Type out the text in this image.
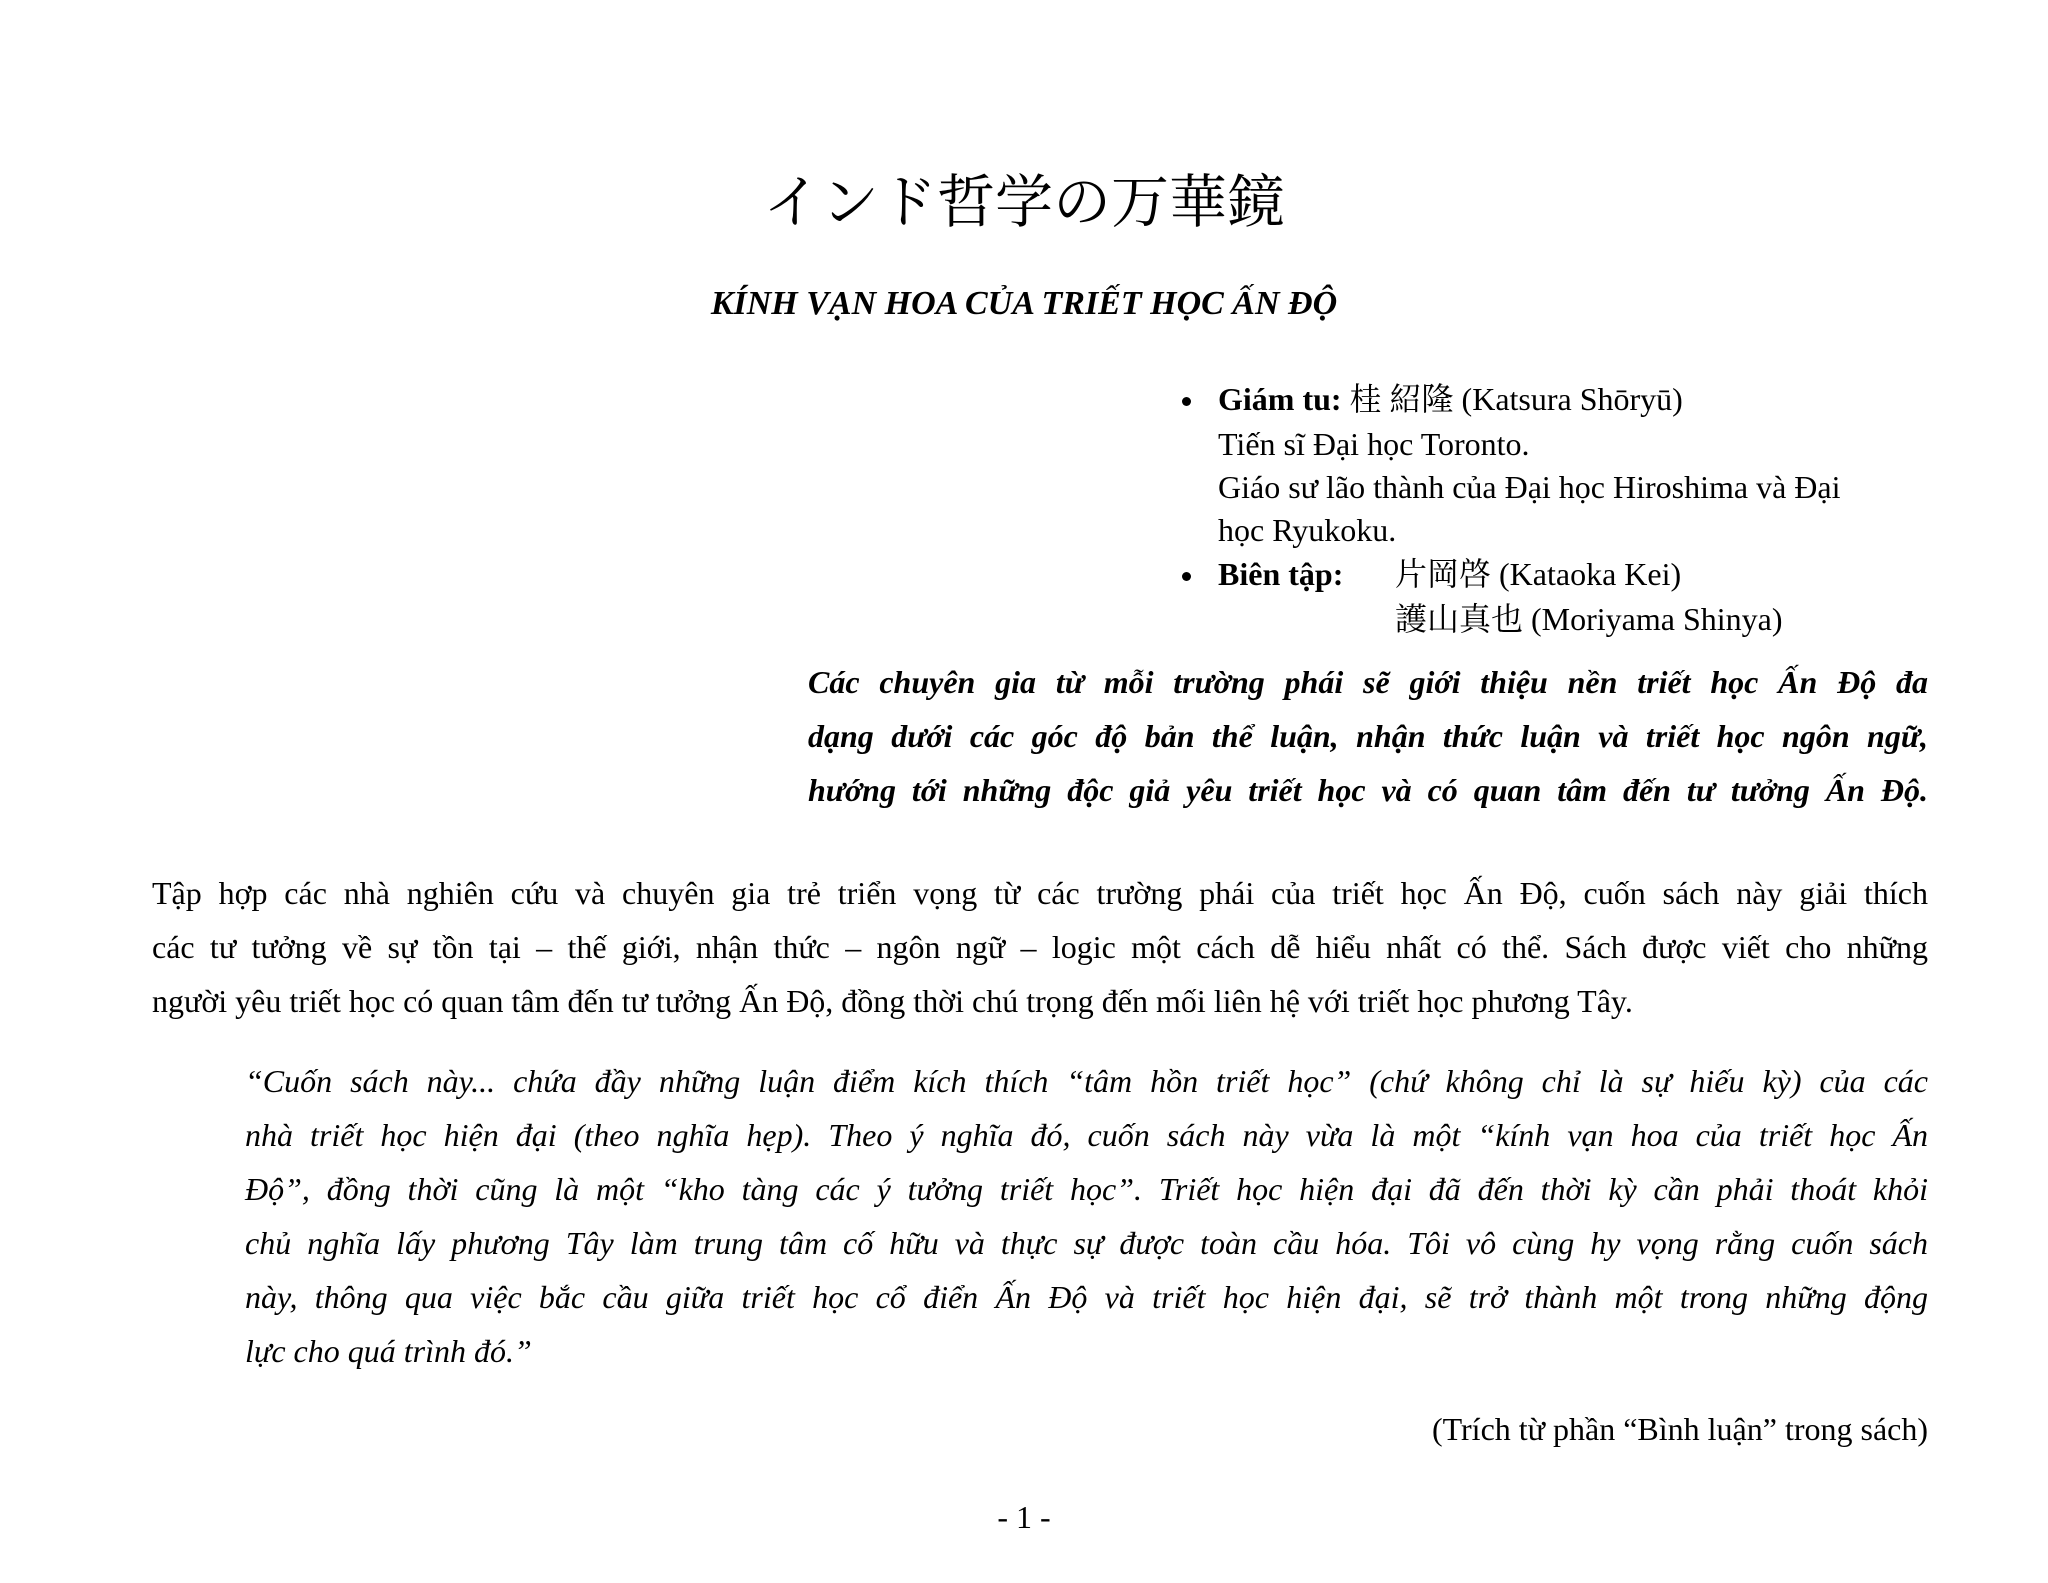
インド哲学の万華鏡
KÍNH VẠN HOA CỦA TRIẾT HỌC ẤN ĐỘ
Giám tu: 桂 紹隆 (Katsura Shōryū)
Tiến sĩ Đại học Toronto.
Giáo sư lão thành của Đại học Hiroshima và Đại
học Ryukoku.
Biên tập: 片岡啓 (Kataoka Kei)
護山真也 (Moriyama Shinya)
Các chuyên gia từ mỗi trường phái sẽ giới thiệu nền triết học Ấn Độ đa
dạng dưới các góc độ bản thể luận, nhận thức luận và triết học ngôn ngữ,
hướng tới những độc giả yêu triết học và có quan tâm đến tư tưởng Ấn Độ.
Tập hợp các nhà nghiên cứu và chuyên gia trẻ triển vọng từ các trường phái của triết học Ấn Độ, cuốn sách này giải thích
các tư tưởng về sự tồn tại – thế giới, nhận thức – ngôn ngữ – logic một cách dễ hiểu nhất có thể. Sách được viết cho những
người yêu triết học có quan tâm đến tư tưởng Ấn Độ, đồng thời chú trọng đến mối liên hệ với triết học phương Tây.
“Cuốn sách này... chứa đầy những luận điểm kích thích “tâm hồn triết học” (chứ không chỉ là sự hiếu kỳ) của các
nhà triết học hiện đại (theo nghĩa hẹp). Theo ý nghĩa đó, cuốn sách này vừa là một “kính vạn hoa của triết học Ấn
Độ”, đồng thời cũng là một “kho tàng các ý tưởng triết học”. Triết học hiện đại đã đến thời kỳ cần phải thoát khỏi
chủ nghĩa lấy phương Tây làm trung tâm cố hữu và thực sự được toàn cầu hóa. Tôi vô cùng hy vọng rằng cuốn sách
này, thông qua việc bắc cầu giữa triết học cổ điển Ấn Độ và triết học hiện đại, sẽ trở thành một trong những động
lực cho quá trình đó.”
(Trích từ phần “Bình luận” trong sách)
- 1 -
